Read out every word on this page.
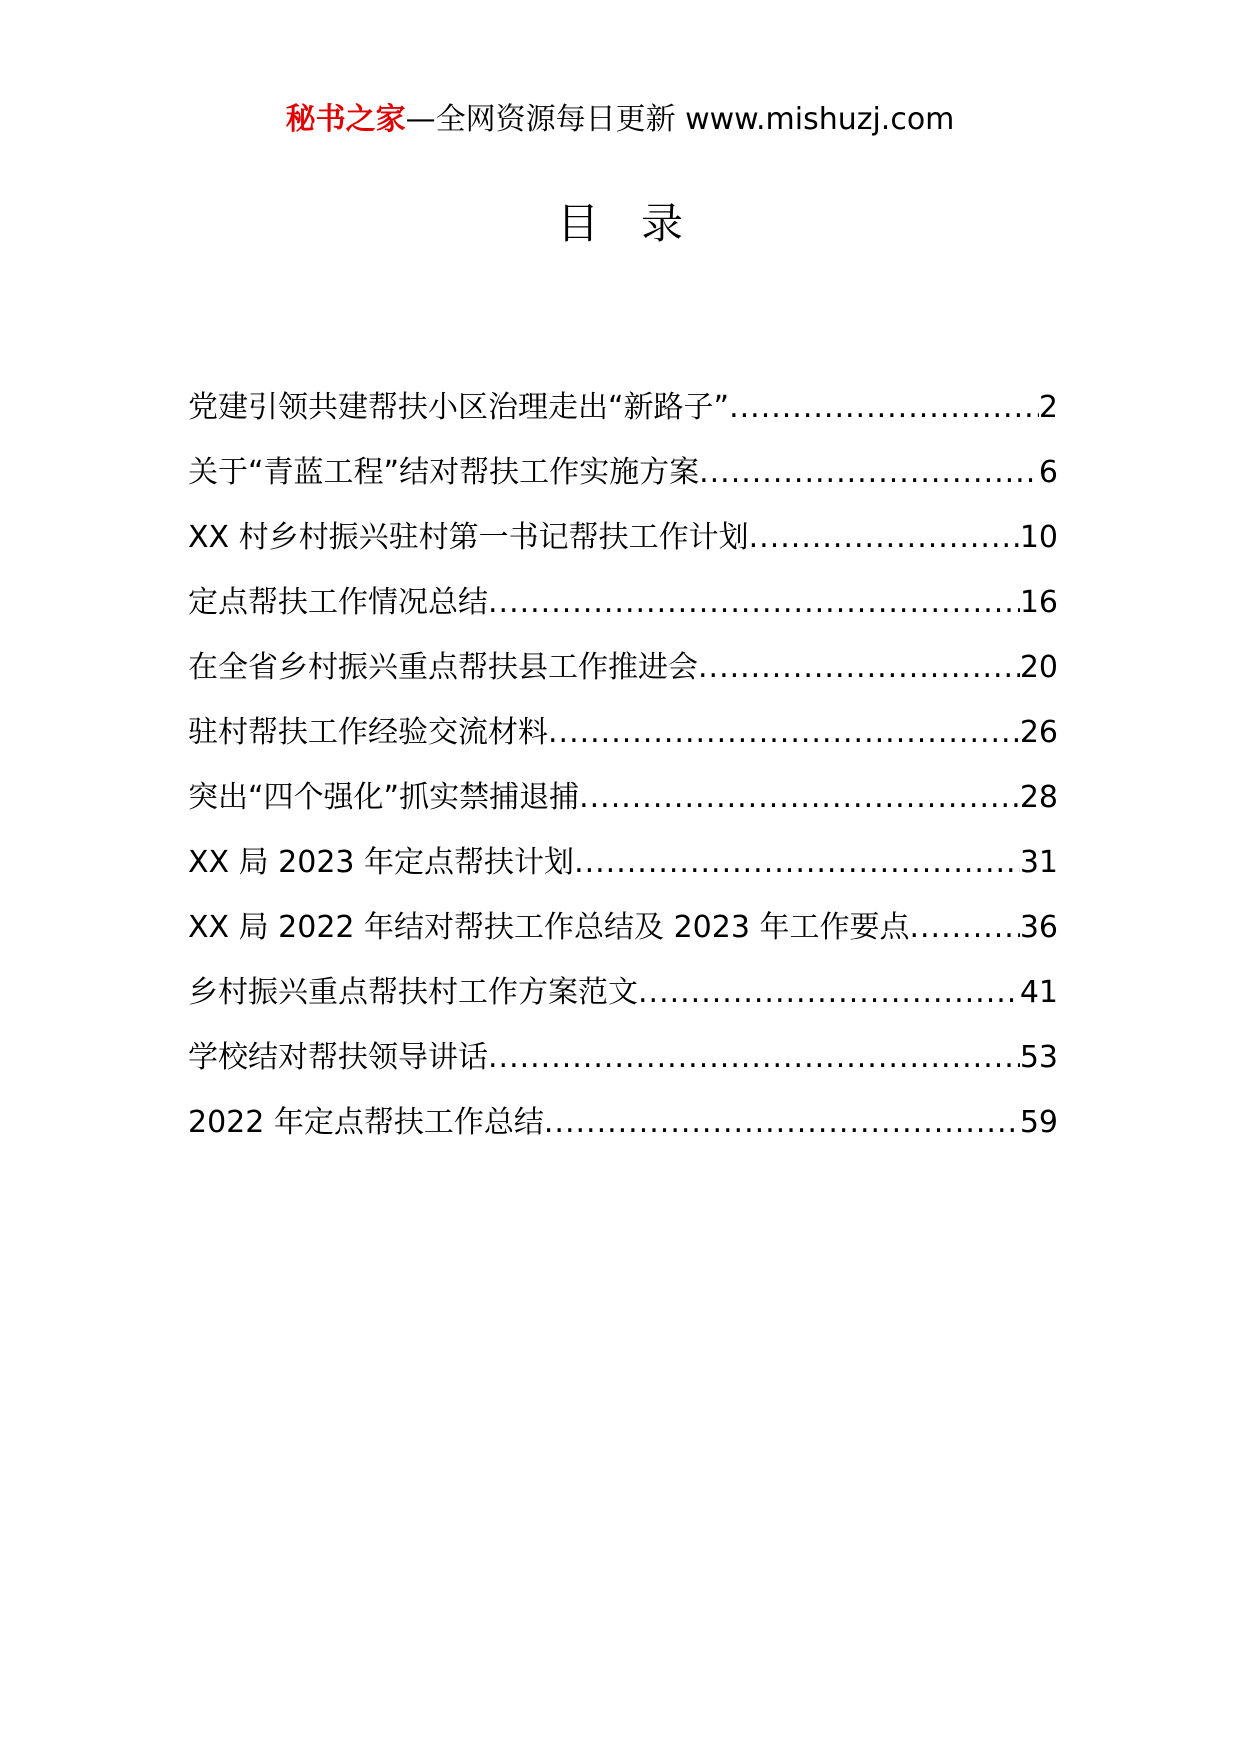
秘书之家—全网资源每日更新 www.mishuzj.com
目　录
党建引领共建帮扶小区治理走出“新路子” .....	2
关于“青蓝工程”结对帮扶工作实施方案 .....	6
XX 村乡村振兴驻村第一书记帮扶工作计划 .....	10
定点帮扶工作情况总结 .....	16
在全省乡村振兴重点帮扶县工作推进会 .....	20
驻村帮扶工作经验交流材料 .....	26
突出“四个强化”抓实禁捕退捕 .....	28
XX 局 2023 年定点帮扶计划 .....	31
XX 局 2022 年结对帮扶工作总结及 2023 年工作要点 .....	36
乡村振兴重点帮扶村工作方案范文 .....	41
学校结对帮扶领导讲话 .....	53
2022 年定点帮扶工作总结 .....	59
